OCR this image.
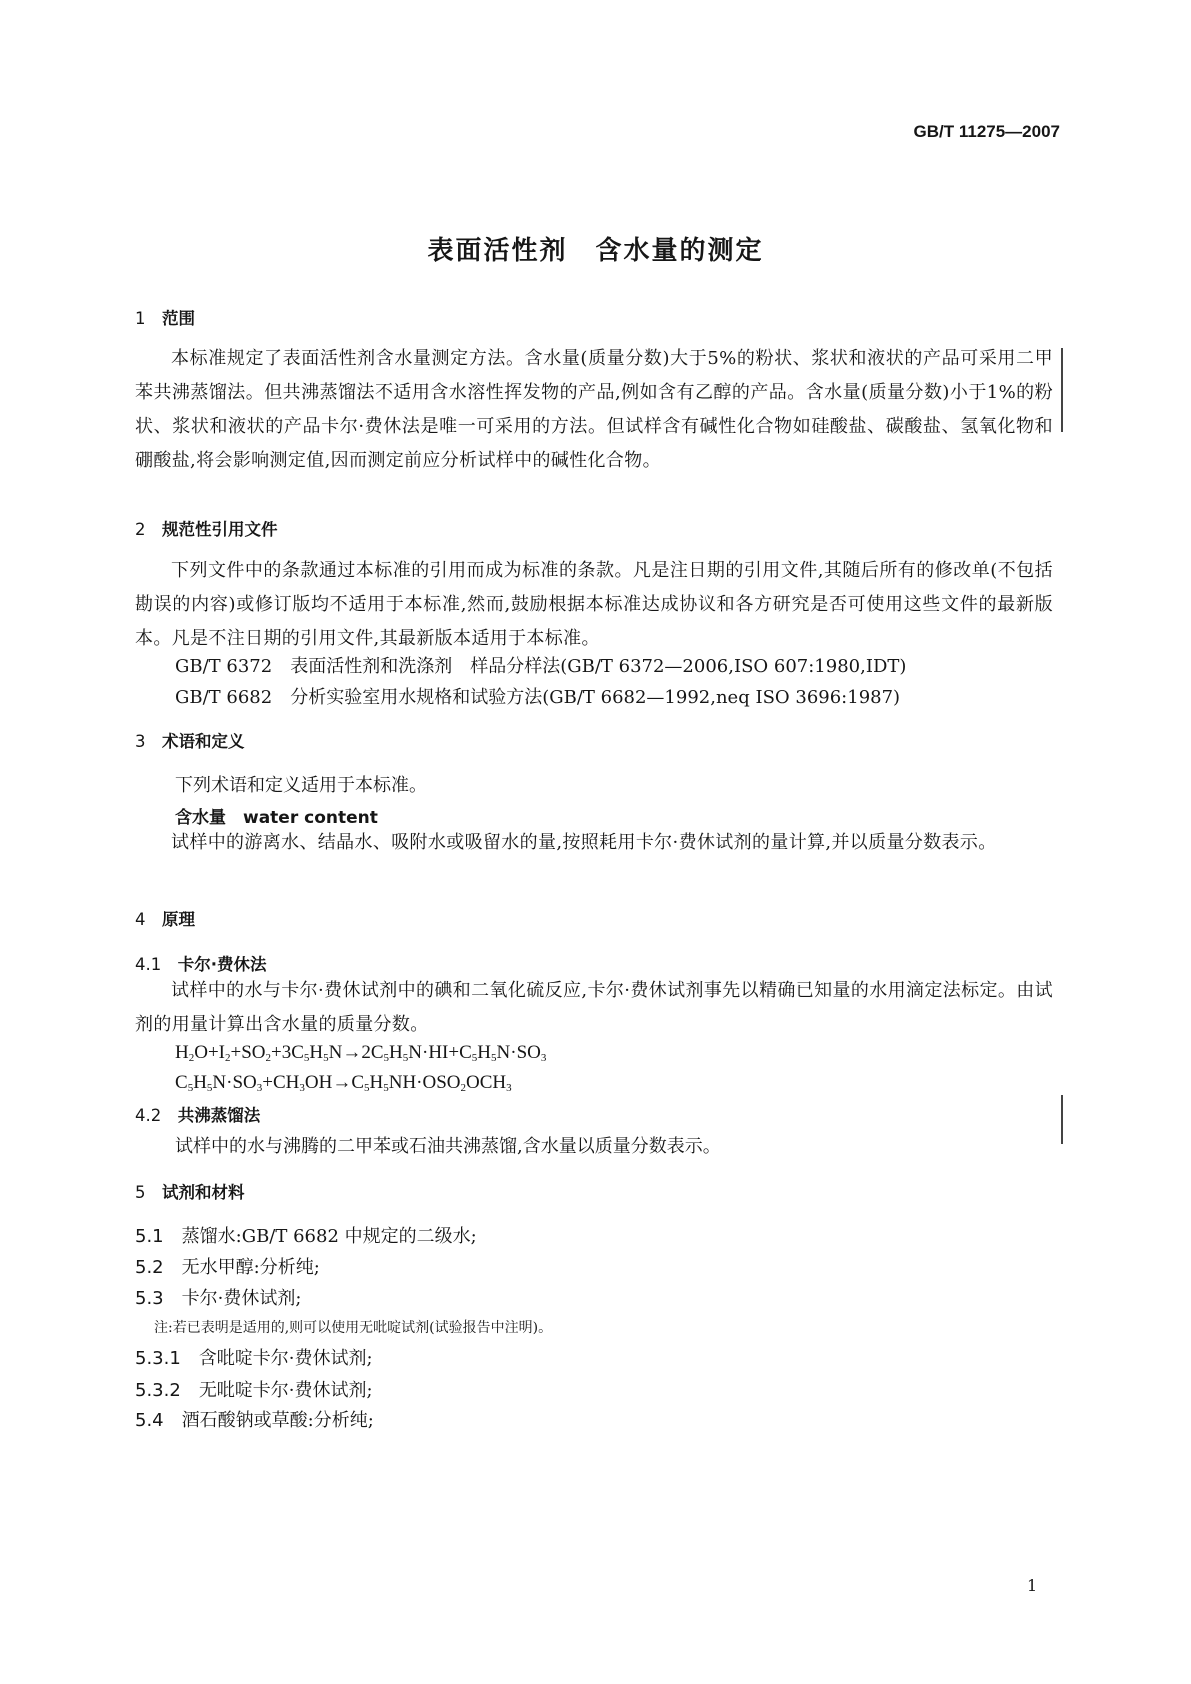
GB/T 11275—2007
表面活性剂　含水量的测定
1　 范围
本标准规定了表面活性剂含水量测定方法。含水量(质量分数)大于5%的粉状、浆状和液状的产品可采用二甲苯共沸蒸馏法。但共沸蒸馏法不适用含水溶性挥发物的产品,例如含有乙醇的产品。含水量(质量分数)小于1%的粉状、浆状和液状的产品卡尔·费休法是唯一可采用的方法。但试样含有碱性化合物如硅酸盐、碳酸盐、氢氧化物和硼酸盐,将会影响测定值,因而测定前应分析试样中的碱性化合物。
2　 规范性引用文件
下列文件中的条款通过本标准的引用而成为标准的条款。凡是注日期的引用文件,其随后所有的修改单(不包括勘误的内容)或修订版均不适用于本标准,然而,鼓励根据本标准达成协议和各方研究是否可使用这些文件的最新版本。凡是不注日期的引用文件,其最新版本适用于本标准。
GB/T 6372　表面活性剂和洗涤剂　样品分样法(GB/T 6372—2006,ISO 607:1980,IDT)
GB/T 6682　分析实验室用水规格和试验方法(GB/T 6682—1992,neq ISO 3696:1987)
3　 术语和定义
下列术语和定义适用于本标准。
含水量　 water content
试样中的游离水、结晶水、吸附水或吸留水的量,按照耗用卡尔·费休试剂的量计算,并以质量分数表示。
4　 原理
4.1　 卡尔·费休法
试样中的水与卡尔·费休试剂中的碘和二氧化硫反应,卡尔·费休试剂事先以精确已知量的水用滴定法标定。由试剂的用量计算出含水量的质量分数。
$H_2O+I_2+SO_2+3C_5H_5N\to 2C_5H_5N\cdot HI+C_5H_5N\cdot SO_3$
$C_5H_5N\cdot SO_3+CH_3OH\to C_5H_5NH\cdot OSO_2OCH_3$
4.2　 共沸蒸馏法
试样中的水与沸腾的二甲苯或石油共沸蒸馏,含水量以质量分数表示。
5　 试剂和材料
5.1　 蒸馏水:GB/T 6682 中规定的二级水;
5.2　 无水甲醇:分析纯;
5.3　 卡尔·费休试剂;
注:若已表明是适用的,则可以使用无吡啶试剂(试验报告中注明)。
5.3.1　 含吡啶卡尔·费休试剂;
5.3.2　 无吡啶卡尔·费休试剂;
5.4　 酒石酸钠或草酸:分析纯;
1
